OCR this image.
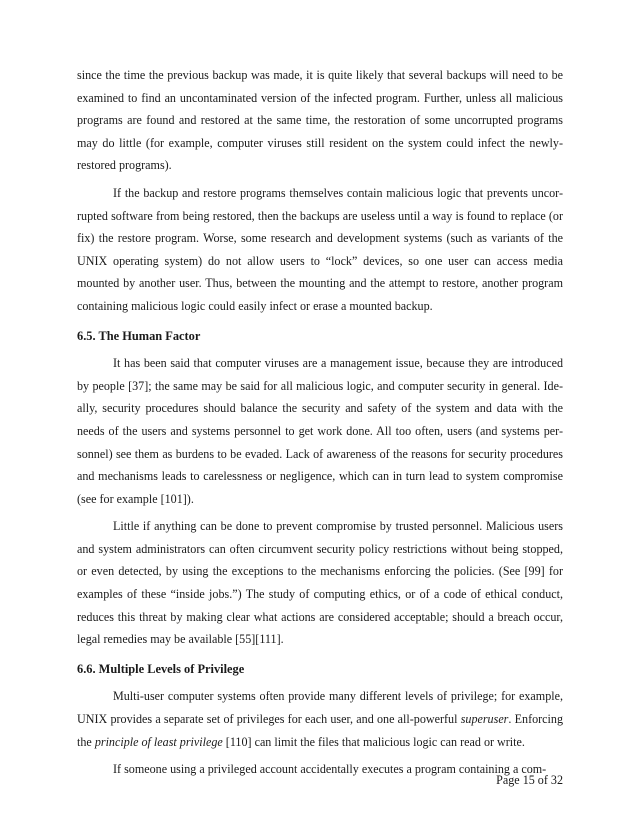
since the time the previous backup was made, it is quite likely that several backups will need to be examined to find an uncontaminated version of the infected program. Further, unless all malicious programs are found and restored at the same time, the restoration of some uncorrupted programs may do little (for example, computer viruses still resident on the system could infect the newly-restored programs).

If the backup and restore programs themselves contain malicious logic that prevents uncor-rupted software from being restored, then the backups are useless until a way is found to replace (or fix) the restore program. Worse, some research and development systems (such as variants of the UNIX operating system) do not allow users to “lock” devices, so one user can access media mounted by another user. Thus, between the mounting and the attempt to restore, another program containing malicious logic could easily infect or erase a mounted backup.

6.5. The Human Factor

It has been said that computer viruses are a management issue, because they are introduced by people [37]; the same may be said for all malicious logic, and computer security in general. Ide-ally, security procedures should balance the security and safety of the system and data with the needs of the users and systems personnel to get work done. All too often, users (and systems per-sonnel) see them as burdens to be evaded. Lack of awareness of the reasons for security procedures and mechanisms leads to carelessness or negligence, which can in turn lead to system compromise (see for example [101]).

Little if anything can be done to prevent compromise by trusted personnel. Malicious users and system administrators can often circumvent security policy restrictions without being stopped, or even detected, by using the exceptions to the mechanisms enforcing the policies. (See [99] for examples of these “inside jobs.”) The study of computing ethics, or of a code of ethical conduct, reduces this threat by making clear what actions are considered acceptable; should a breach occur, legal remedies may be available [55][111].

6.6. Multiple Levels of Privilege

Multi-user computer systems often provide many different levels of privilege; for example, UNIX provides a separate set of privileges for each user, and one all-powerful superuser. Enforcing the principle of least privilege [110] can limit the files that malicious logic can read or write.

If someone using a privileged account accidentally executes a program containing a com-

Page 15 of 32
